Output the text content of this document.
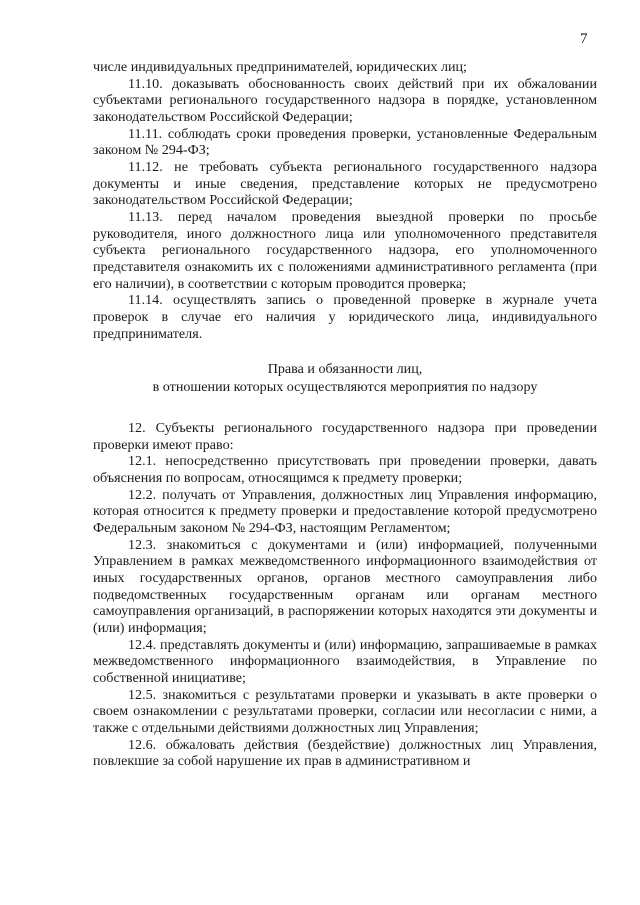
7

числе индивидуальных предпринимателей, юридических лиц;

11.10. доказывать обоснованность своих действий при их обжаловании субъектами регионального государственного надзора в порядке, установленном законодательством Российской Федерации;

11.11. соблюдать сроки проведения проверки, установленные Федеральным законом № 294-ФЗ;

11.12. не требовать субъекта регионального государственного надзора документы и иные сведения, представление которых не предусмотрено законодательством Российской Федерации;

11.13. перед началом проведения выездной проверки по просьбе руководителя, иного должностного лица или уполномоченного представителя субъекта регионального государственного надзора, его уполномоченного представителя ознакомить их с положениями административного регламента (при его наличии), в соответствии с которым проводится проверка;

11.14. осуществлять запись о проведенной проверке в журнале учета проверок в случае его наличия у юридического лица, индивидуального предпринимателя.

Права и обязанности лиц,
в отношении которых осуществляются мероприятия по надзору

12. Субъекты регионального государственного надзора при проведении проверки имеют право:

12.1. непосредственно присутствовать при проведении проверки, давать объяснения по вопросам, относящимся к предмету проверки;

12.2. получать от Управления, должностных лиц Управления информацию, которая относится к предмету проверки и предоставление которой предусмотрено Федеральным законом № 294-ФЗ, настоящим Регламентом;

12.3. знакомиться с документами и (или) информацией, полученными Управлением в рамках межведомственного информационного взаимодействия от иных государственных органов, органов местного самоуправления либо подведомственных государственным органам или органам местного самоуправления организаций, в распоряжении которых находятся эти документы и (или) информация;

12.4. представлять документы и (или) информацию, запрашиваемые в рамках межведомственного информационного взаимодействия, в Управление по собственной инициативе;

12.5. знакомиться с результатами проверки и указывать в акте проверки о своем ознакомлении с результатами проверки, согласии или несогласии с ними, а также с отдельными действиями должностных лиц Управления;

12.6. обжаловать действия (бездействие) должностных лиц Управления, повлекшие за собой нарушение их прав в административном и
